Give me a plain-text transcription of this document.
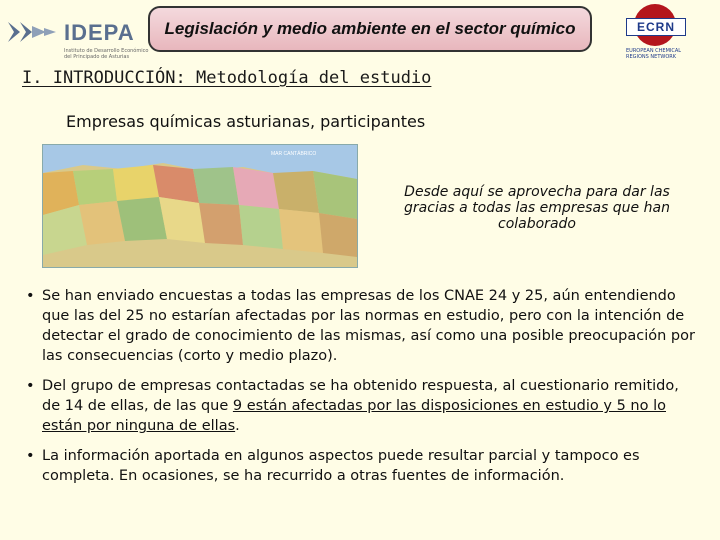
IDEPA
Instituto de Desarrollo Económico del Principado de Asturias
Legislación y medio ambiente en el sector químico	ECRN
EUROPEAN CHEMICAL REGIONS NETWORK
I. INTRODUCCIÓN: Metodología del estudio
Empresas químicas asturianas, participantes
MAR CANTÁBRICO
Desde aquí se aprovecha para dar las gracias a todas las empresas que han colaborado
• Se han enviado encuestas a todas las empresas de los CNAE 24 y 25, aún entendiendo que las del 25 no estarían afectadas por las normas en estudio, pero con la intención de detectar el grado de conocimiento de las mismas, así como una posible preocupación por las consecuencias (corto y medio plazo).
• Del grupo de empresas contactadas se ha obtenido respuesta, al cuestionario remitido, de 14 de ellas, de las que 9 están afectadas por las disposiciones en estudio y 5 no lo están por ninguna de ellas.
• La información aportada en algunos aspectos puede resultar parcial y tampoco es completa. En ocasiones, se ha recurrido a otras fuentes de información.
